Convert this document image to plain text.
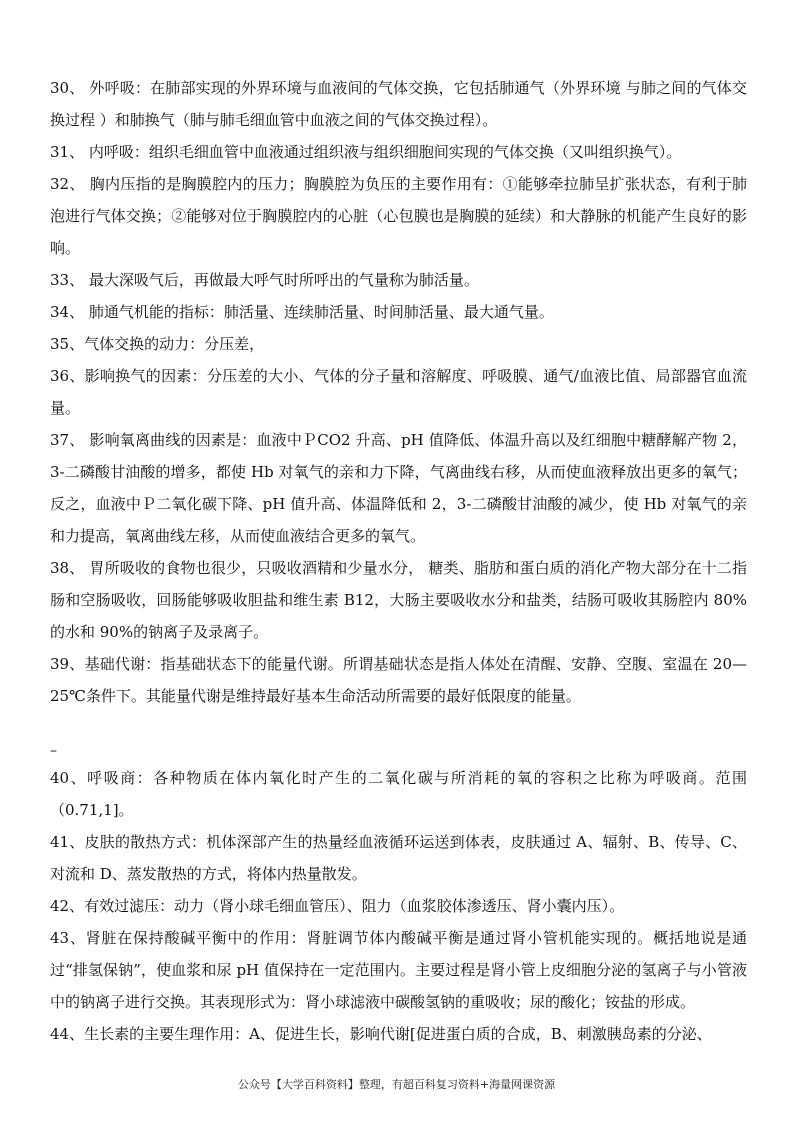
30、 外呼吸：在肺部实现的外界环境与血液间的气体交换，它包括肺通气（外界环境 与肺之间的气体交换过程 ）和肺换气（肺与肺毛细血管中血液之间的气体交换过程）。

31、 内呼吸：组织毛细血管中血液通过组织液与组织细胞间实现的气体交换（又叫组织换气）。

32、 胸内压指的是胸膜腔内的压力；胸膜腔为负压的主要作用有：①能够牵拉肺呈扩张状态，有利于肺泡进行气体交换；②能够对位于胸膜腔内的心脏（心包膜也是胸膜的延续）和大静脉的机能产生良好的影响。

33、 最大深吸气后，再做最大呼气时所呼出的气量称为肺活量。

34、 肺通气机能的指标：肺活量、连续肺活量、时间肺活量、最大通气量。

35、气体交换的动力：分压差，

36、影响换气的因素：分压差的大小、气体的分子量和溶解度、呼吸膜、通气/血液比值、局部器官血流量。

37、 影响氧离曲线的因素是：血液中ＰCO2 升高、pH 值降低、体温升高以及红细胞中糖酵解产物 2，3-二磷酸甘油酸的增多，都使 Hb 对氧气的亲和力下降，气离曲线右移，从而使血液释放出更多的氧气；反之，血液中Ｐ二氧化碳下降、pH 值升高、体温降低和 2，3-二磷酸甘油酸的减少，使 Hb 对氧气的亲和力提高，氧离曲线左移，从而使血液结合更多的氧气。

38、 胃所吸收的食物也很少，只吸收酒精和少量水分， 糖类、脂肪和蛋白质的消化产物大部分在十二指肠和空肠吸收，回肠能够吸收胆盐和维生素 B12，大肠主要吸收水分和盐类，结肠可吸收其肠腔内 80%的水和 90%的钠离子及录离子。

39、基础代谢：指基础状态下的能量代谢。所谓基础状态是指人体处在清醒、安静、空腹、室温在 20—25℃条件下。其能量代谢是维持最好基本生命活动所需要的最好低限度的能量。

–

40、呼吸商：各种物质在体内氧化时产生的二氧化碳与所消耗的氧的容积之比称为呼吸商。范围（0.71,1]。

41、皮肤的散热方式：机体深部产生的热量经血液循环运送到体表，皮肤通过 A、辐射、B、传导、C、对流和 D、蒸发散热的方式，将体内热量散发。

42、有效过滤压：动力（肾小球毛细血管压）、阻力（血浆胶体渗透压、肾小囊内压）。

43、肾脏在保持酸碱平衡中的作用：肾脏调节体内酸碱平衡是通过肾小管机能实现的。概括地说是通过“排氢保钠”，使血浆和尿 pH 值保持在一定范围内。主要过程是肾小管上皮细胞分泌的氢离子与小管液中的钠离子进行交换。其表现形式为：肾小球滤液中碳酸氢钠的重吸收；尿的酸化；铵盐的形成。

44、生长素的主要生理作用：A、促进生长，影响代谢[促进蛋白质的合成，B、刺激胰岛素的分泌、

公众号【大学百科资料】整理，有超百科复习资料+海量网课资源
